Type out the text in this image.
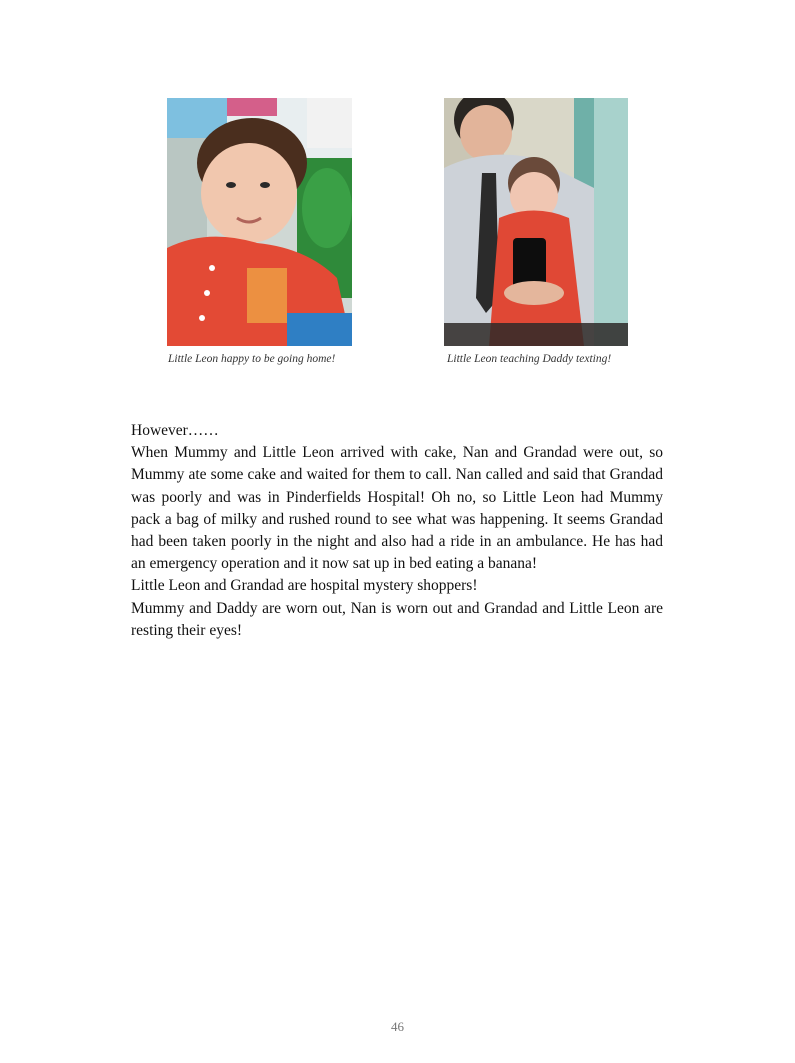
Little Leon happy to be going home!	Little Leon teaching Daddy texting!

However……

When Mummy and Little Leon arrived with cake, Nan and Grandad were out, so Mummy ate some cake and waited for them to call. Nan called and said that Grandad was poorly and was in Pinderfields Hospital! Oh no, so Little Leon had Mummy pack a bag of milky and rushed round to see what was happening. It seems Grandad had been taken poorly in the night and also had a ride in an ambulance. He has had an emergency operation and it now sat up in bed eating a banana!

Little Leon and Grandad are hospital mystery shoppers!

Mummy and Daddy are worn out, Nan is worn out and Grandad and Little Leon are resting their eyes!

46
